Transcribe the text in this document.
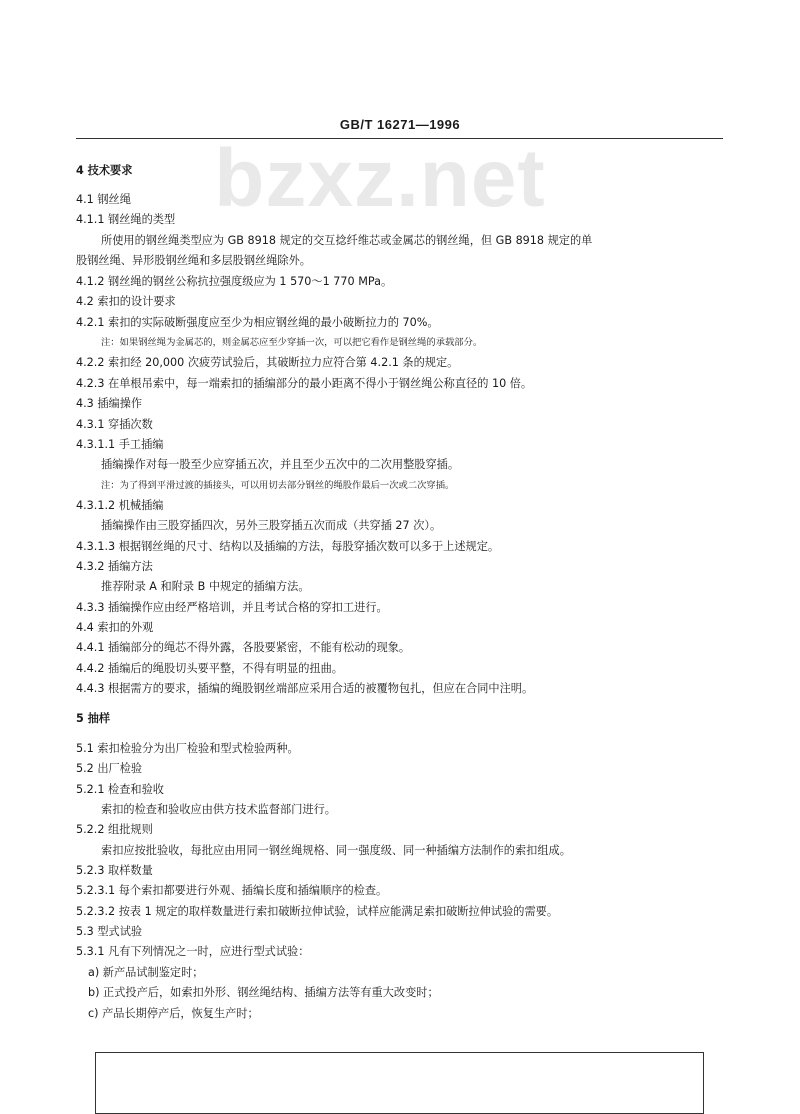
bzxz.net
GB/T 16271—1996
4 技术要求
4.1 钢丝绳
4.1.1 钢丝绳的类型
所使用的钢丝绳类型应为 GB 8918 规定的交互捻纤维芯或金属芯的钢丝绳，但 GB 8918 规定的单
股钢丝绳、异形股钢丝绳和多层股钢丝绳除外。
4.1.2 钢丝绳的钢丝公称抗拉强度级应为 1 570～1 770 MPa。
4.2 索扣的设计要求
4.2.1 索扣的实际破断强度应至少为相应钢丝绳的最小破断拉力的 70%。
注：如果钢丝绳为金属芯的，则金属芯应至少穿插一次，可以把它看作是钢丝绳的承载部分。
4.2.2 索扣经 20,000 次疲劳试验后，其破断拉力应符合第 4.2.1 条的规定。
4.2.3 在单根吊索中，每一端索扣的插编部分的最小距离不得小于钢丝绳公称直径的 10 倍。
4.3 插编操作
4.3.1 穿插次数
4.3.1.1 手工插编
插编操作对每一股至少应穿插五次，并且至少五次中的二次用整股穿插。
注：为了得到平滑过渡的插接头，可以用切去部分钢丝的绳股作最后一次或二次穿插。
4.3.1.2 机械插编
插编操作由三股穿插四次，另外三股穿插五次而成（共穿插 27 次）。
4.3.1.3 根据钢丝绳的尺寸、结构以及插编的方法，每股穿插次数可以多于上述规定。
4.3.2 插编方法
推荐附录 A 和附录 B 中规定的插编方法。
4.3.3 插编操作应由经严格培训，并且考试合格的穿扣工进行。
4.4 索扣的外观
4.4.1 插编部分的绳芯不得外露，各股要紧密，不能有松动的现象。
4.4.2 插编后的绳股切头要平整，不得有明显的扭曲。
4.4.3 根据需方的要求，插编的绳股钢丝端部应采用合适的被覆物包扎，但应在合同中注明。
5 抽样
5.1 索扣检验分为出厂检验和型式检验两种。
5.2 出厂检验
5.2.1 检查和验收
索扣的检查和验收应由供方技术监督部门进行。
5.2.2 组批规则
索扣应按批验收，每批应由用同一钢丝绳规格、同一强度级、同一种插编方法制作的索扣组成。
5.2.3 取样数量
5.2.3.1 每个索扣都要进行外观、插编长度和插编顺序的检查。
5.2.3.2 按表 1 规定的取样数量进行索扣破断拉伸试验，试样应能满足索扣破断拉伸试验的需要。
5.3 型式试验
5.3.1 凡有下列情况之一时，应进行型式试验：
a) 新产品试制鉴定时；
b) 正式投产后，如索扣外形、钢丝绳结构、插编方法等有重大改变时；
c) 产品长期停产后，恢复生产时；
